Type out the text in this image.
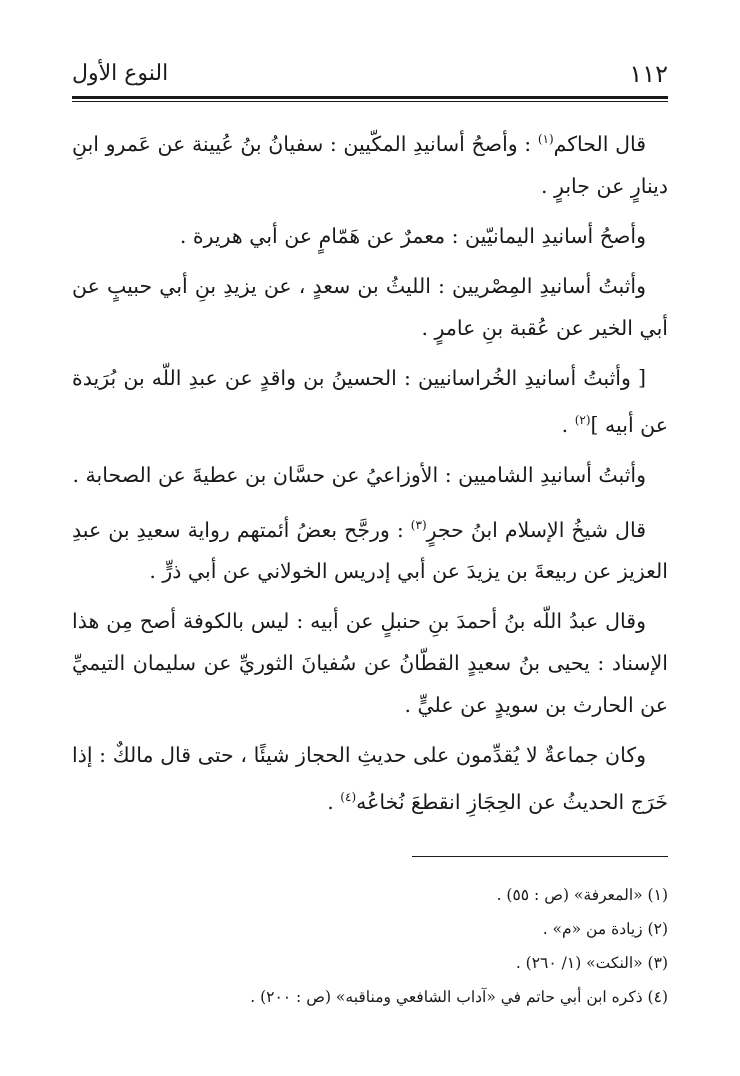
١١٢
النوع الأول

قال الحاكم$^{(١)}$ : وأصحُ أسانيدِ المكّيين : سفيانُ بنُ عُيينة عن عَمرو ابنِ دينارٍ عن جابرٍ .

وأصحُ أسانيدِ اليمانيّين : معمرٌ عن هَمّامٍ عن أبي هريرة .

وأثبتُ أسانيدِ المِصْريين : الليثُ بن سعدٍ ، عن يزيدِ بنِ أبي حبيبٍ عن أبي الخير عن عُقبة بنِ عامرٍ .

[ وأثبتُ أسانيدِ الخُراسانيين : الحسينُ بن واقدٍ عن عبدِ اللّه بن بُرَيدة عن أبيه ]$^{(٢)}$ .

وأثبتُ أسانيدِ الشاميين : الأوزاعيُ عن حسَّان بن عطيةَ عن الصحابة .

قال شيخُ الإسلام ابنُ حجرٍ$^{(٣)}$ : ورجَّح بعضُ أئمتهم رواية سعيدِ بن عبدِ العزيز عن ربيعةَ بن يزيدَ عن أبي إدريس الخولاني عن أبي ذرٍّ .

وقال عبدُ اللّه بنُ أحمدَ بنِ حنبلٍ عن أبيه : ليس بالكوفة أصح مِن هذا الإسناد : يحيى بنُ سعيدٍ القطّانُ عن سُفيانَ الثوريِّ عن سليمان التيميِّ عن الحارث بن سويدٍ عن عليٍّ .

وكان جماعةٌ لا يُقدِّمون على حديثِ الحجاز شيئًا ، حتى قال مالكٌ : إذا خَرَج الحديثُ عن الحِجَازِ انقطعَ نُخاعُه$^{(٤)}$ .

(١) «المعرفة» (ص : ٥٥) .

(٢) زيادة من «م» .

(٣) «النكت» (١/ ٢٦٠) .

(٤) ذكره ابن أبي حاتم في «آداب الشافعي ومناقبه» (ص : ٢٠٠) .
